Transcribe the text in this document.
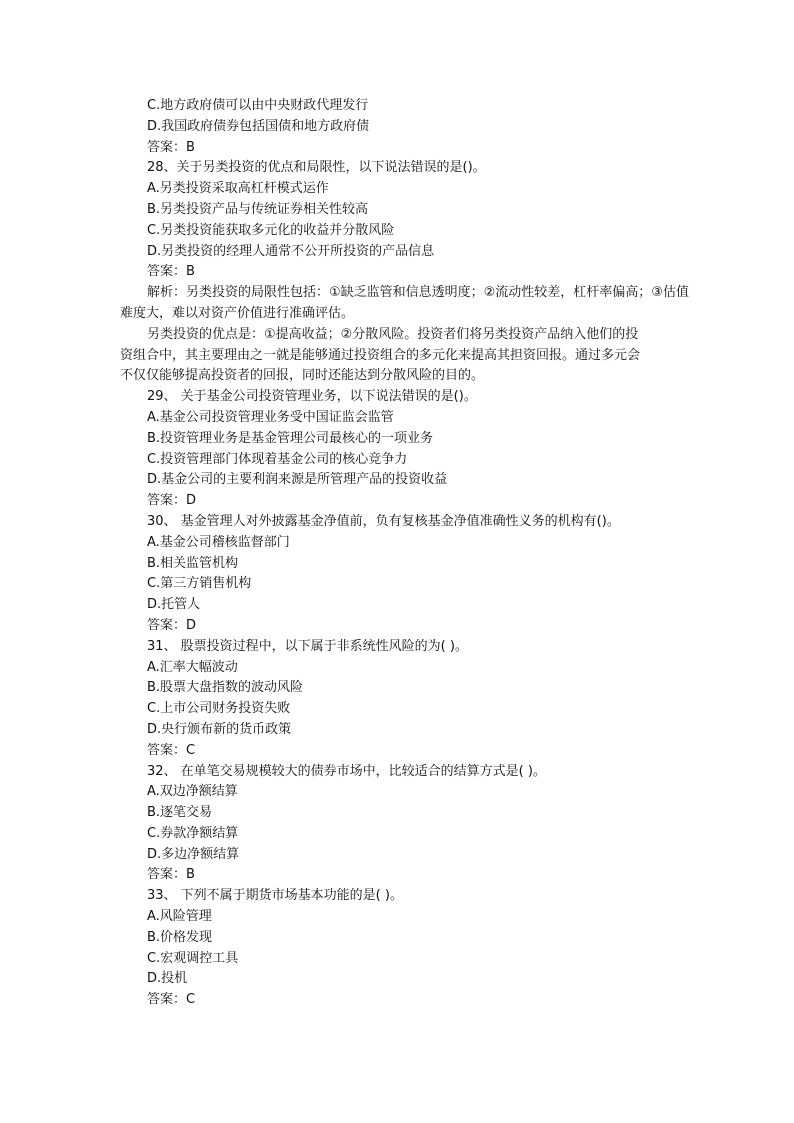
C.地方政府债可以由中央财政代理发行
D.我国政府债券包括国债和地方政府债
答案：B
28、关于另类投资的优点和局限性，以下说法错误的是()。
A.另类投资采取高杠杆模式运作
B.另类投资产品与传统证券相关性较高
C.另类投资能获取多元化的收益并分散风险
D.另类投资的经理人通常不公开所投资的产品信息
答案：B
解析：另类投资的局限性包括：①缺乏监管和信息透明度；②流动性较差，杠杆率偏高；③估值难度大，难以对资产价值进行准确评估。
另类投资的优点是：①提高收益；②分散风险。投资者们将另类投资产品纳入他们的投资组合中，其主要理由之一就是能够通过投资组合的多元化来提高其担资回报。通过多元会不仅仅能够提高投资者的回报，同时还能达到分散风险的目的。
29、 关于基金公司投资管理业务，以下说法错误的是()。
A.基金公司投资管理业务受中国证监会监管
B.投资管理业务是基金管理公司最核心的一项业务
C.投资管理部门体现着基金公司的核心竞争力
D.基金公司的主要利润来源是所管理产品的投资收益
答案：D
30、 基金管理人对外披露基金净值前，负有复核基金净值准确性义务的机构有()。
A.基金公司稽核监督部门
B.相关监管机构
C.第三方销售机构
D.托管人
答案：D
31、 股票投资过程中，以下属于非系统性风险的为( )。
A.汇率大幅波动
B.股票大盘指数的波动风险
C.上市公司财务投资失败
D.央行颁布新的货币政策
答案：C
32、 在单笔交易规模较大的债券市场中，比较适合的结算方式是( )。
A.双边净额结算
B.逐笔交易
C.券款净额结算
D.多边净额结算
答案：B
33、 下列不属于期货市场基本功能的是( )。
A.风险管理
B.价格发现
C.宏观调控工具
D.投机
答案：C
